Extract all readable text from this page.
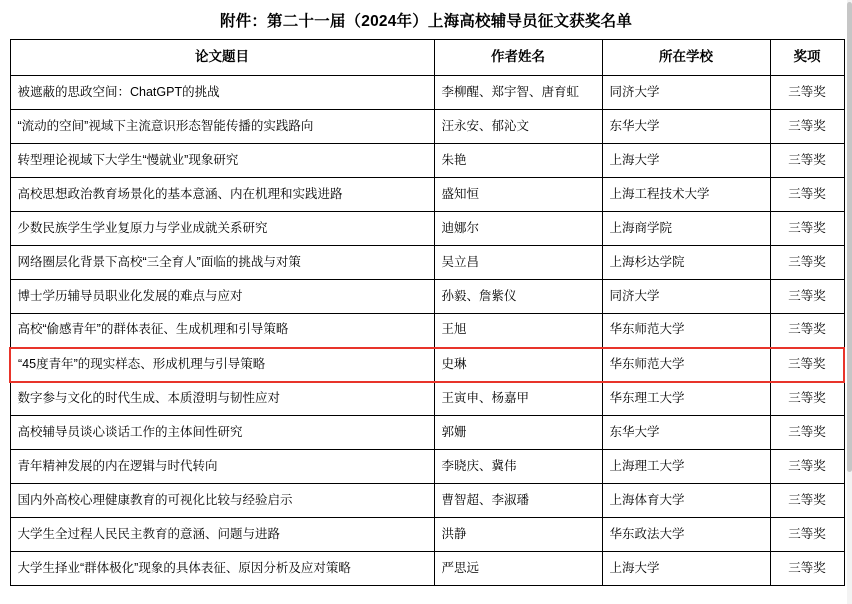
附件：第二十一届（2024年）上海高校辅导员征文获奖名单
论文题目	作者姓名	所在学校	奖项
被遮蔽的思政空间：ChatGPT的挑战	李柳醒、郑宇智、唐育虹	同济大学	三等奖
“流动的空间”视域下主流意识形态智能传播的实践路向	汪永安、郁沁文	东华大学	三等奖
转型理论视域下大学生“慢就业”现象研究	朱艳	上海大学	三等奖
高校思想政治教育场景化的基本意涵、内在机理和实践进路	盛知恒	上海工程技术大学	三等奖
少数民族学生学业复原力与学业成就关系研究	迪娜尔	上海商学院	三等奖
网络圈层化背景下高校“三全育人”面临的挑战与对策	吴立昌	上海杉达学院	三等奖
博士学历辅导员职业化发展的难点与应对	孙毅、詹紫仪	同济大学	三等奖
高校“偷感青年”的群体表征、生成机理和引导策略	王旭	华东师范大学	三等奖
“45度青年”的现实样态、形成机理与引导策略	史琳	华东师范大学	三等奖
数字参与文化的时代生成、本质澄明与韧性应对	王寅申、杨嘉甲	华东理工大学	三等奖
高校辅导员谈心谈话工作的主体间性研究	郭姗	东华大学	三等奖
青年精神发展的内在逻辑与时代转向	李晓庆、冀伟	上海理工大学	三等奖
国内外高校心理健康教育的可视化比较与经验启示	曹智超、李淑璠	上海体育大学	三等奖
大学生全过程人民民主教育的意涵、问题与进路	洪静	华东政法大学	三等奖
大学生择业“群体极化”现象的具体表征、原因分析及应对策略	严思远	上海大学	三等奖
